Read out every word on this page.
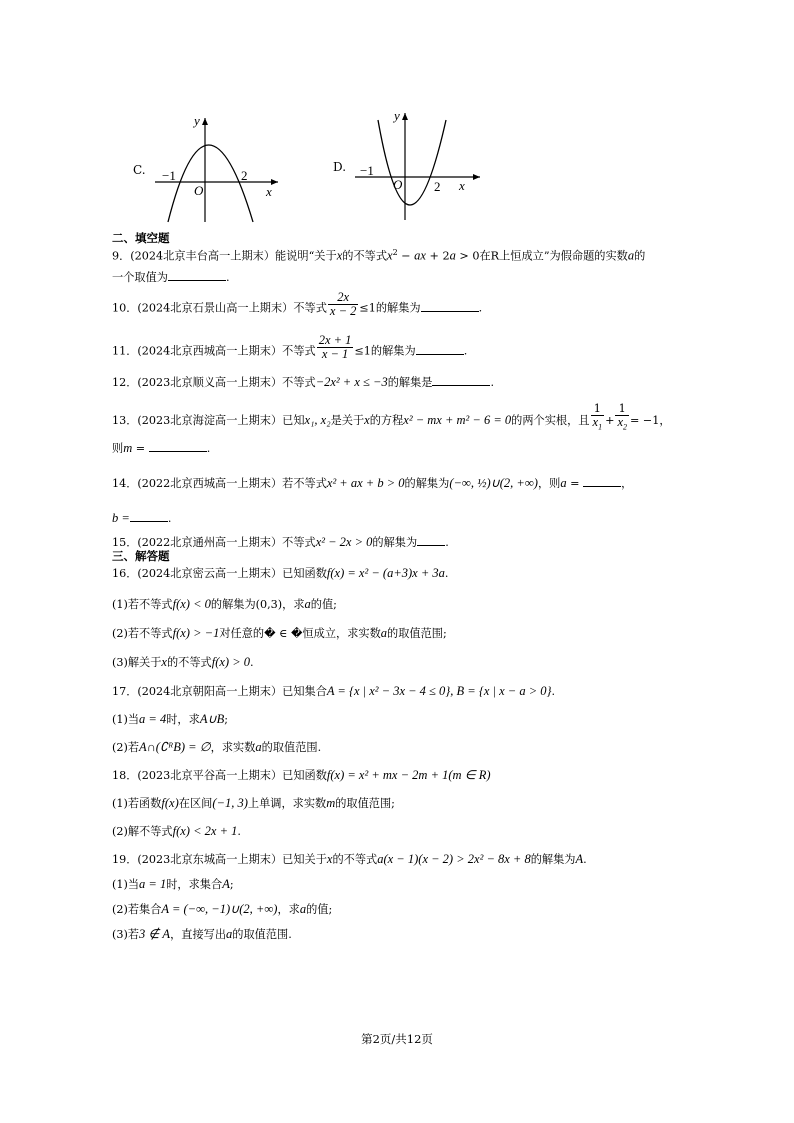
C.
y
x
−1	2
O
D.
y
x
−1
2
O
二、填空题
9．(2024北京丰台高一上期末）能说明“关于x的不等式$x^2$ − ax + 2a > 0在R上恒成立”为假命题的实数a的
一个取值为	.
10．(2024北京石景山高一上期末）不等式 $\frac{2x}{x - 2} \le 1$的解集为	.
11．(2024北京西城高一上期末）不等式 $\frac{2x + 1}{x - 1} \le 1$的解集为	.
12．(2023北京顺义高一上期末）不等式−2x² + x ≤ −3的解集是	.
13．(2023北京海淀高一上期末）已知x₁, x₂是关于x的方程x² − mx + m² − 6 = 0的两个实根，且 $\frac{1}{x_1} + \frac{1}{x_2} = -1$，
则m =	.
14．(2022北京西城高一上期末）若不等式x² + ax + b > 0的解集为(−∞, ½)∪(2, +∞)，则a =	，
b =	.
15．(2022北京通州高一上期末）不等式x² − 2x > 0的解集为	.
三、解答题
16．(2024北京密云高一上期末）已知函数f(x) = x² − (a+3)x + 3a.
(1)若不等式f(x) < 0的解集为(0,3)，求a的值;
(2)若不等式f(x) > −1对任意的� ∈ �恒成立，求实数a的取值范围;
(3)解关于x的不等式f(x) > 0.
17．(2024北京朝阳高一上期末）已知集合A = {x | x² − 3x − 4 ≤ 0}, B = {x | x − a > 0}.
(1)当a = 4时，求A∪B;
(2)若A∩(∁ᴿB) = ∅，求实数a的取值范围.
18．(2023北京平谷高一上期末）已知函数f(x) = x² + mx − 2m + 1(m ∈ R)
(1)若函数f(x)在区间(−1, 3)上单调，求实数m的取值范围;
(2)解不等式f(x) < 2x + 1.
19．(2023北京东城高一上期末）已知关于x的不等式a(x − 1)(x − 2) > 2x² − 8x + 8的解集为A.
(1)当a = 1时，求集合A;
(2)若集合A = (−∞, −1)∪(2, +∞)，求a的值;
(3)若3 ∉ A，直接写出a的取值范围.
第2页/共12页
